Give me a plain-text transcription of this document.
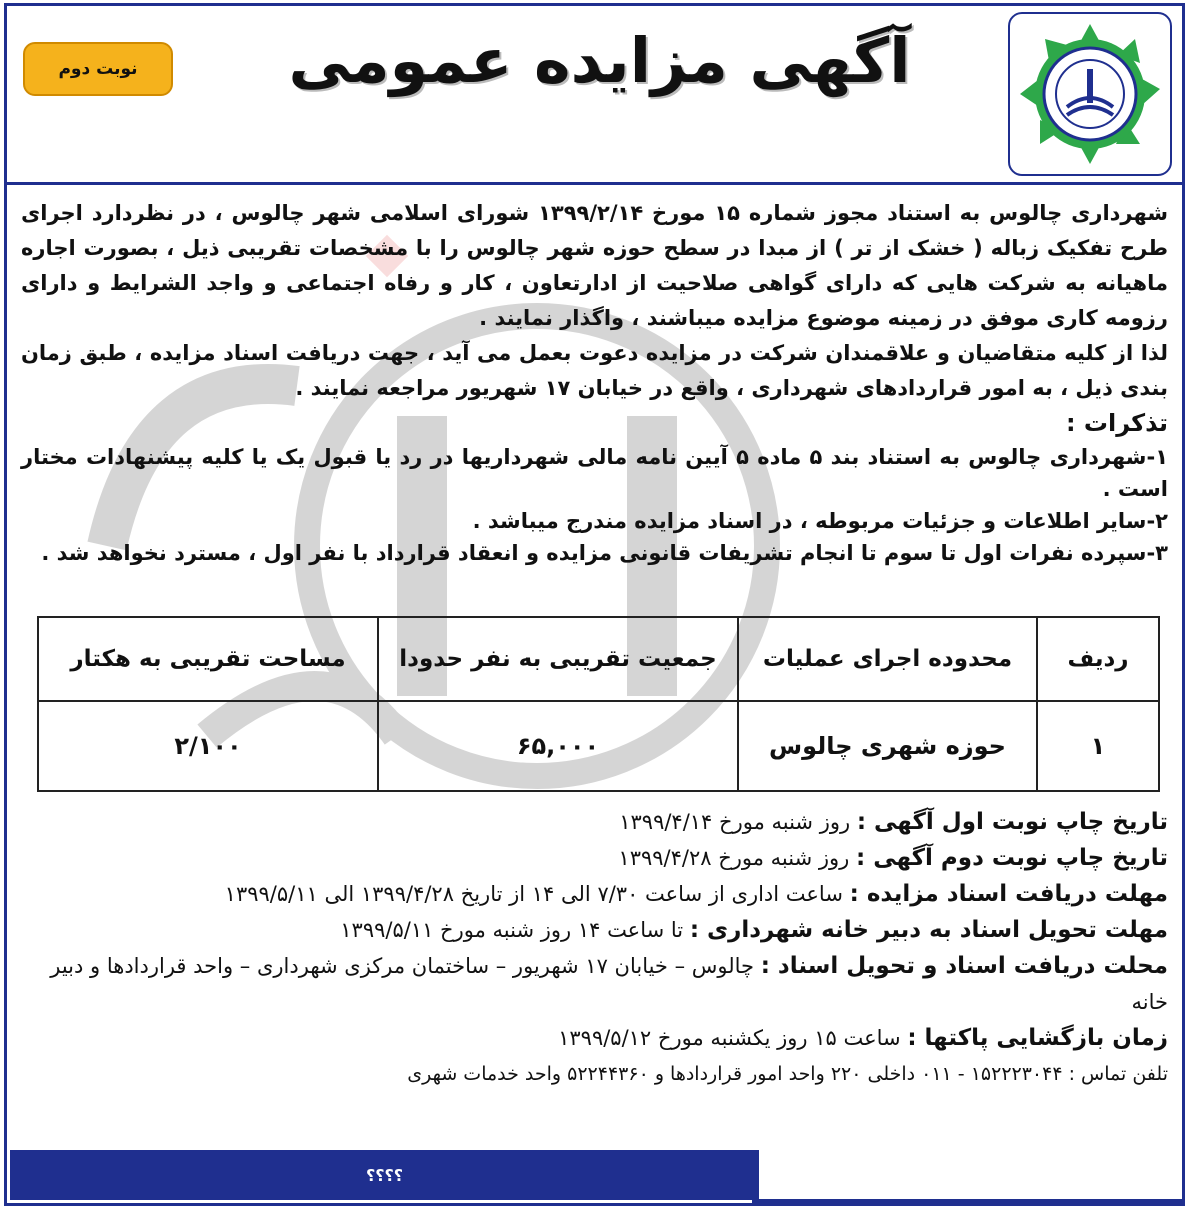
نوبت دوم	آگهی مزایده عمومی

شهرداری چالوس به استناد مجوز شماره ۱۵ مورخ ۱۳۹۹/۲/۱۴ شورای اسلامی شهر چالوس ، در نظردارد اجرای طرح تفکیک زباله ( خشک از تر ) از مبدا در سطح حوزه شهر چالوس را با مشخصات تقریبی ذیل ، بصورت اجاره ماهیانه به شرکت هایی که دارای گواهی صلاحیت از ادارتعاون ، کار و رفاه اجتماعی و واجد الشرایط و دارای رزومه کاری موفق در زمینه موضوع مزایده میباشند ، واگذار نمایند .

لذا از کلیه متقاضیان و علاقمندان شرکت در مزایده دعوت بعمل می آید ، جهت دریافت اسناد مزایده ، طبق زمان بندی ذیل ، به امور قراردادهای شهرداری ، واقع در خیابان ۱۷ شهریور مراجعه نمایند .

تذکرات :

۱-شهرداری چالوس به استناد بند ۵ ماده ۵ آیین نامه مالی شهرداریها در رد یا قبول یک یا کلیه پیشنهادات مختار است .

۲-سایر اطلاعات و جزئیات مربوطه ، در اسناد مزایده مندرج میباشد .

۳-سپرده نفرات اول تا سوم تا انجام تشریفات قانونی مزایده و انعقاد قرارداد با نفر اول ، مسترد نخواهد شد .

ردیف	محدوده اجرای عملیات	جمعیت تقریبی به نفر حدودا	مساحت تقریبی به هکتار
۱	حوزه شهری چالوس	۶۵,۰۰۰	۲/۱۰۰

تاریخ چاپ نوبت اول آگهی : روز شنبه مورخ ۱۳۹۹/۴/۱۴

تاریخ چاپ نوبت دوم آگهی : روز شنبه مورخ ۱۳۹۹/۴/۲۸

مهلت دریافت اسناد مزایده : ساعت اداری از ساعت ۷/۳۰ الی ۱۴ از تاریخ ۱۳۹۹/۴/۲۸ الی ۱۳۹۹/۵/۱۱

مهلت تحویل اسناد به دبیر خانه شهرداری : تا ساعت ۱۴ روز شنبه مورخ ۱۳۹۹/۵/۱۱

محلت دریافت اسناد و تحویل اسناد : چالوس – خیابان ۱۷ شهریور – ساختمان مرکزی شهرداری – واحد قراردادها و دبیر خانه

زمان بازگشایی پاکتها : ساعت ۱۵ روز یکشنبه مورخ ۱۳۹۹/۵/۱۲

تلفن تماس : ۱۵۲۲۲۳۰۴۴ - ۰۱۱ داخلی ۲۲۰ واحد امور قراردادها و ۵۲۲۴۴۳۶۰ واحد خدمات شهری

؟؟؟؟
